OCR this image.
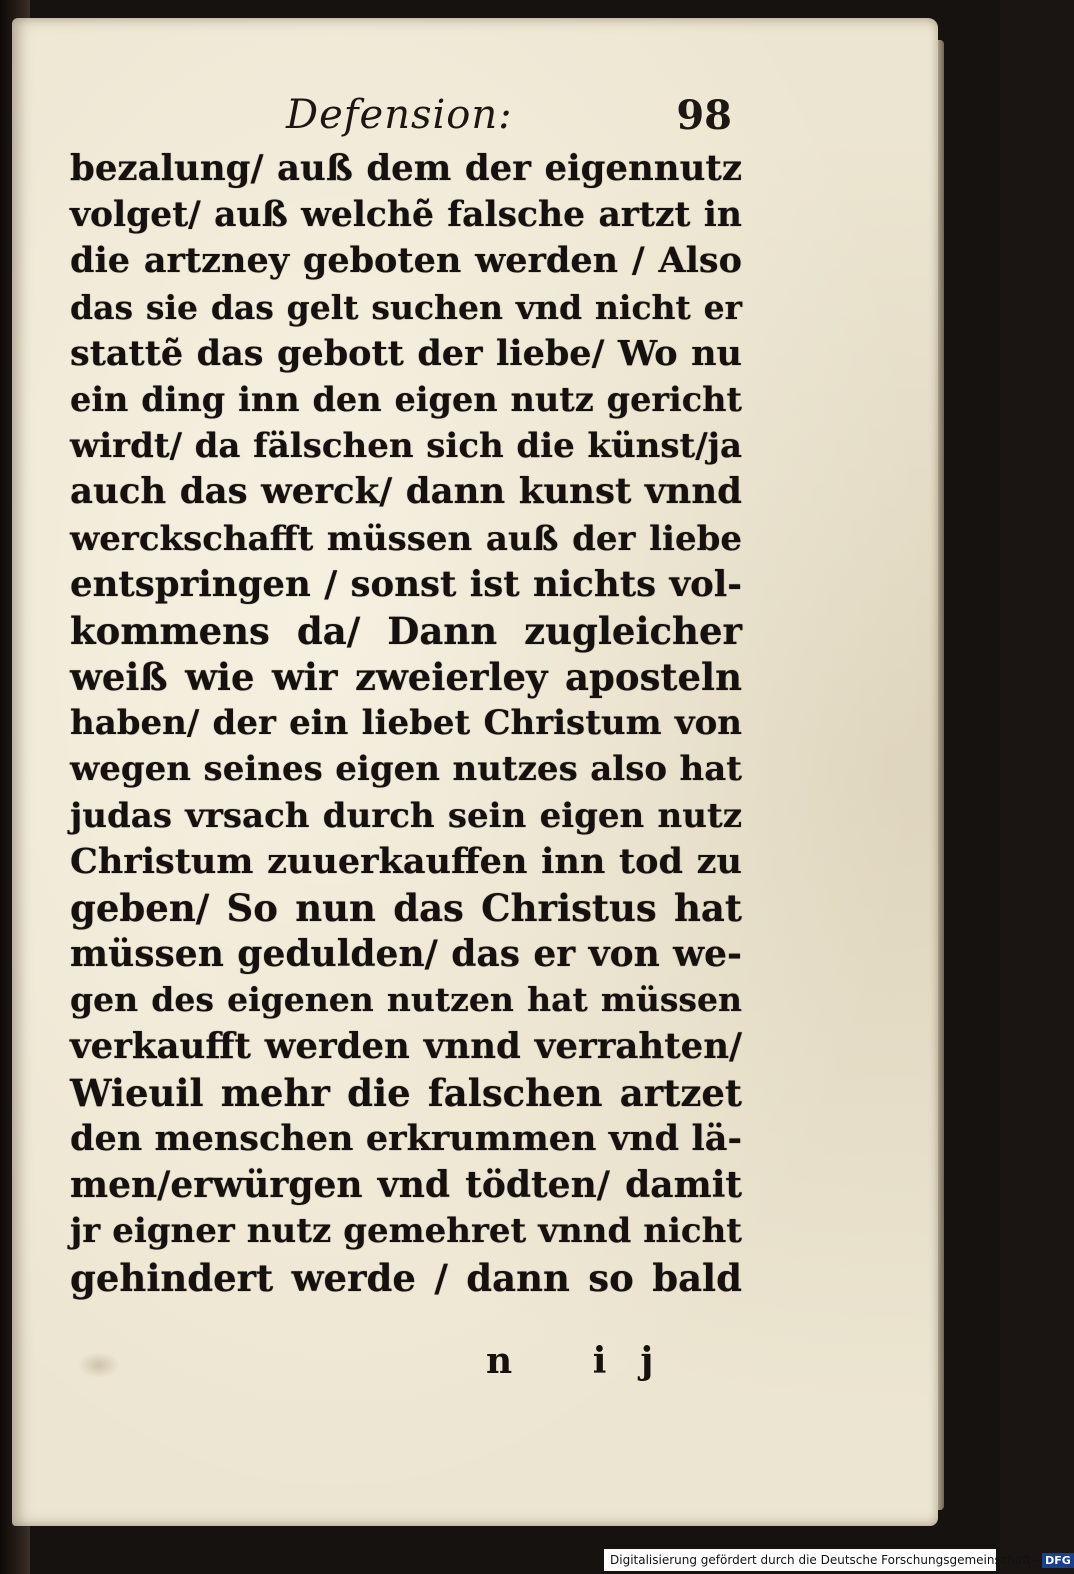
Defension:	98
bezalung/ auß dem der eigennutz
volget/ auß welchẽ falsche artzt in
die artzney geboten werden / Also
das sie das gelt suchen vnd nicht er
stattẽ das gebott der liebe/ Wo nu
ein ding inn den eigen nutz gericht
wirdt/ da fälschen sich die künst/ja
auch das werck/ dann kunst vnnd
werckschafft müssen auß der liebe
entspringen / sonst ist nichts vol-
kommens da/ Dann zugleicher
weiß wie wir zweierley aposteln
haben/ der ein liebet Christum von
wegen seines eigen nutzes also hat
judas vrsach durch sein eigen nutz
Christum zuuerkauffen inn tod zu
geben/ So nun das Christus hat
müssen gedulden/ das er von we-
gen des eigenen nutzen hat müssen
verkaufft werden vnnd verrahten/
Wieuil mehr die falschen artzet
den menschen erkrummen vnd lä-
men/erwürgen vnd tödten/ damit
jr eigner nutz gemehret vnnd nicht
gehindert werde / dann so bald
n ij
Digitalisierung gefördert durch die Deutsche Forschungsgemeinschaft - DFG
